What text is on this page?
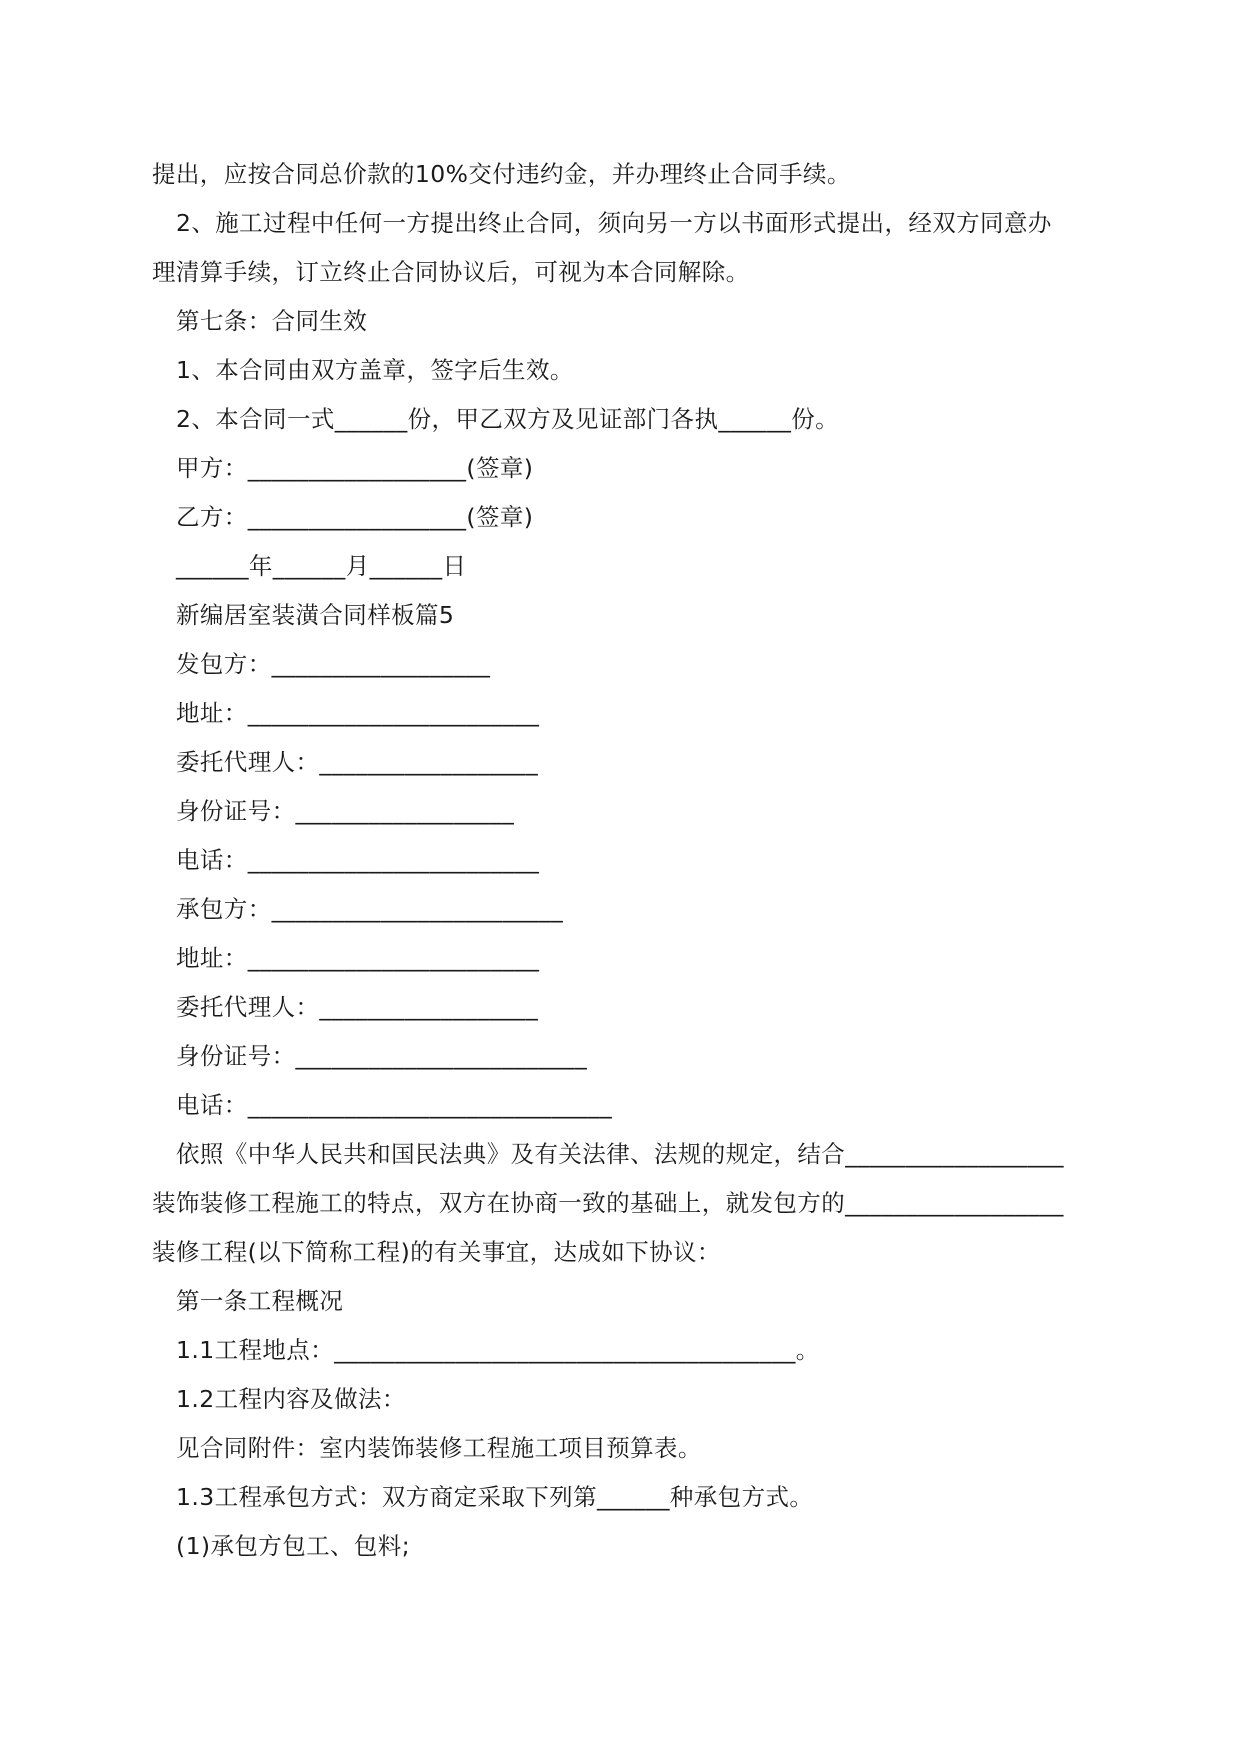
提出，应按合同总价款的10%交付违约金，并办理终止合同手续。
2、施工过程中任何一方提出终止合同，须向另一方以书面形式提出，经双方同意办
理清算手续，订立终止合同协议后，可视为本合同解除。
第七条：合同生效
1、本合同由双方盖章，签字后生效。
2、本合同一式______份，甲乙双方及见证部门各执______份。
甲方：__________________(签章)
乙方：__________________(签章)
______年______月______日
新编居室装潢合同样板篇5
发包方：__________________
地址：________________________
委托代理人：__________________
身份证号：__________________
电话：________________________
承包方：________________________
地址：________________________
委托代理人：__________________
身份证号：________________________
电话：______________________________
依照《中华人民共和国民法典》及有关法律、法规的规定，结合__________________
装饰装修工程施工的特点，双方在协商一致的基础上，就发包方的__________________
装修工程(以下简称工程)的有关事宜，达成如下协议：
第一条工程概况
1.1工程地点：______________________________________。
1.2工程内容及做法：
见合同附件：室内装饰装修工程施工项目预算表。
1.3工程承包方式：双方商定采取下列第______种承包方式。
(1)承包方包工、包料;
